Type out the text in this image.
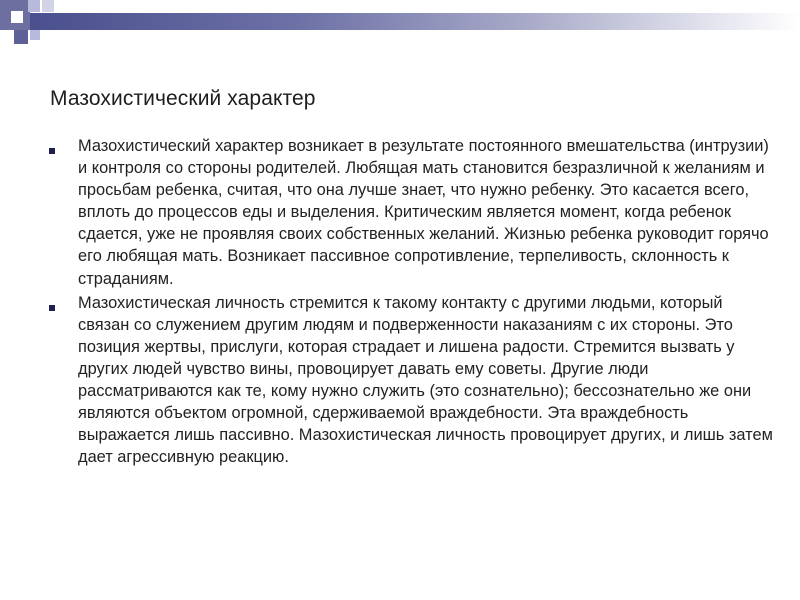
Мазохистический характер
Мазохистический характер возникает в результате постоянного вмешательства (интрузии) и контроля со стороны родителей. Любящая мать становится безразличной к желаниям и просьбам ребенка, считая, что она лучше знает, что нужно ребенку. Это касается всего, вплоть до процессов еды и выделения. Критическим является момент, когда ребенок сдается, уже не проявляя своих собственных желаний. Жизнью ребенка руководит горячо его любящая мать. Возникает пассивное сопротивление, терпеливость, склонность к страданиям.
Мазохистическая личность стремится к такому контакту с другими людьми, который связан со служением другим людям и подверженности наказаниям с их стороны. Это позиция жертвы, прислуги, которая страдает и лишена радости. Стремится вызвать у других людей чувство вины, провоцирует давать ему советы. Другие люди рассматриваются как те, кому нужно служить (это сознательно); бессознательно же они являются объектом огромной, сдерживаемой враждебности. Эта враждебность выражается лишь пассивно. Мазохистическая личность провоцирует других, и лишь затем дает агрессивную реакцию.
